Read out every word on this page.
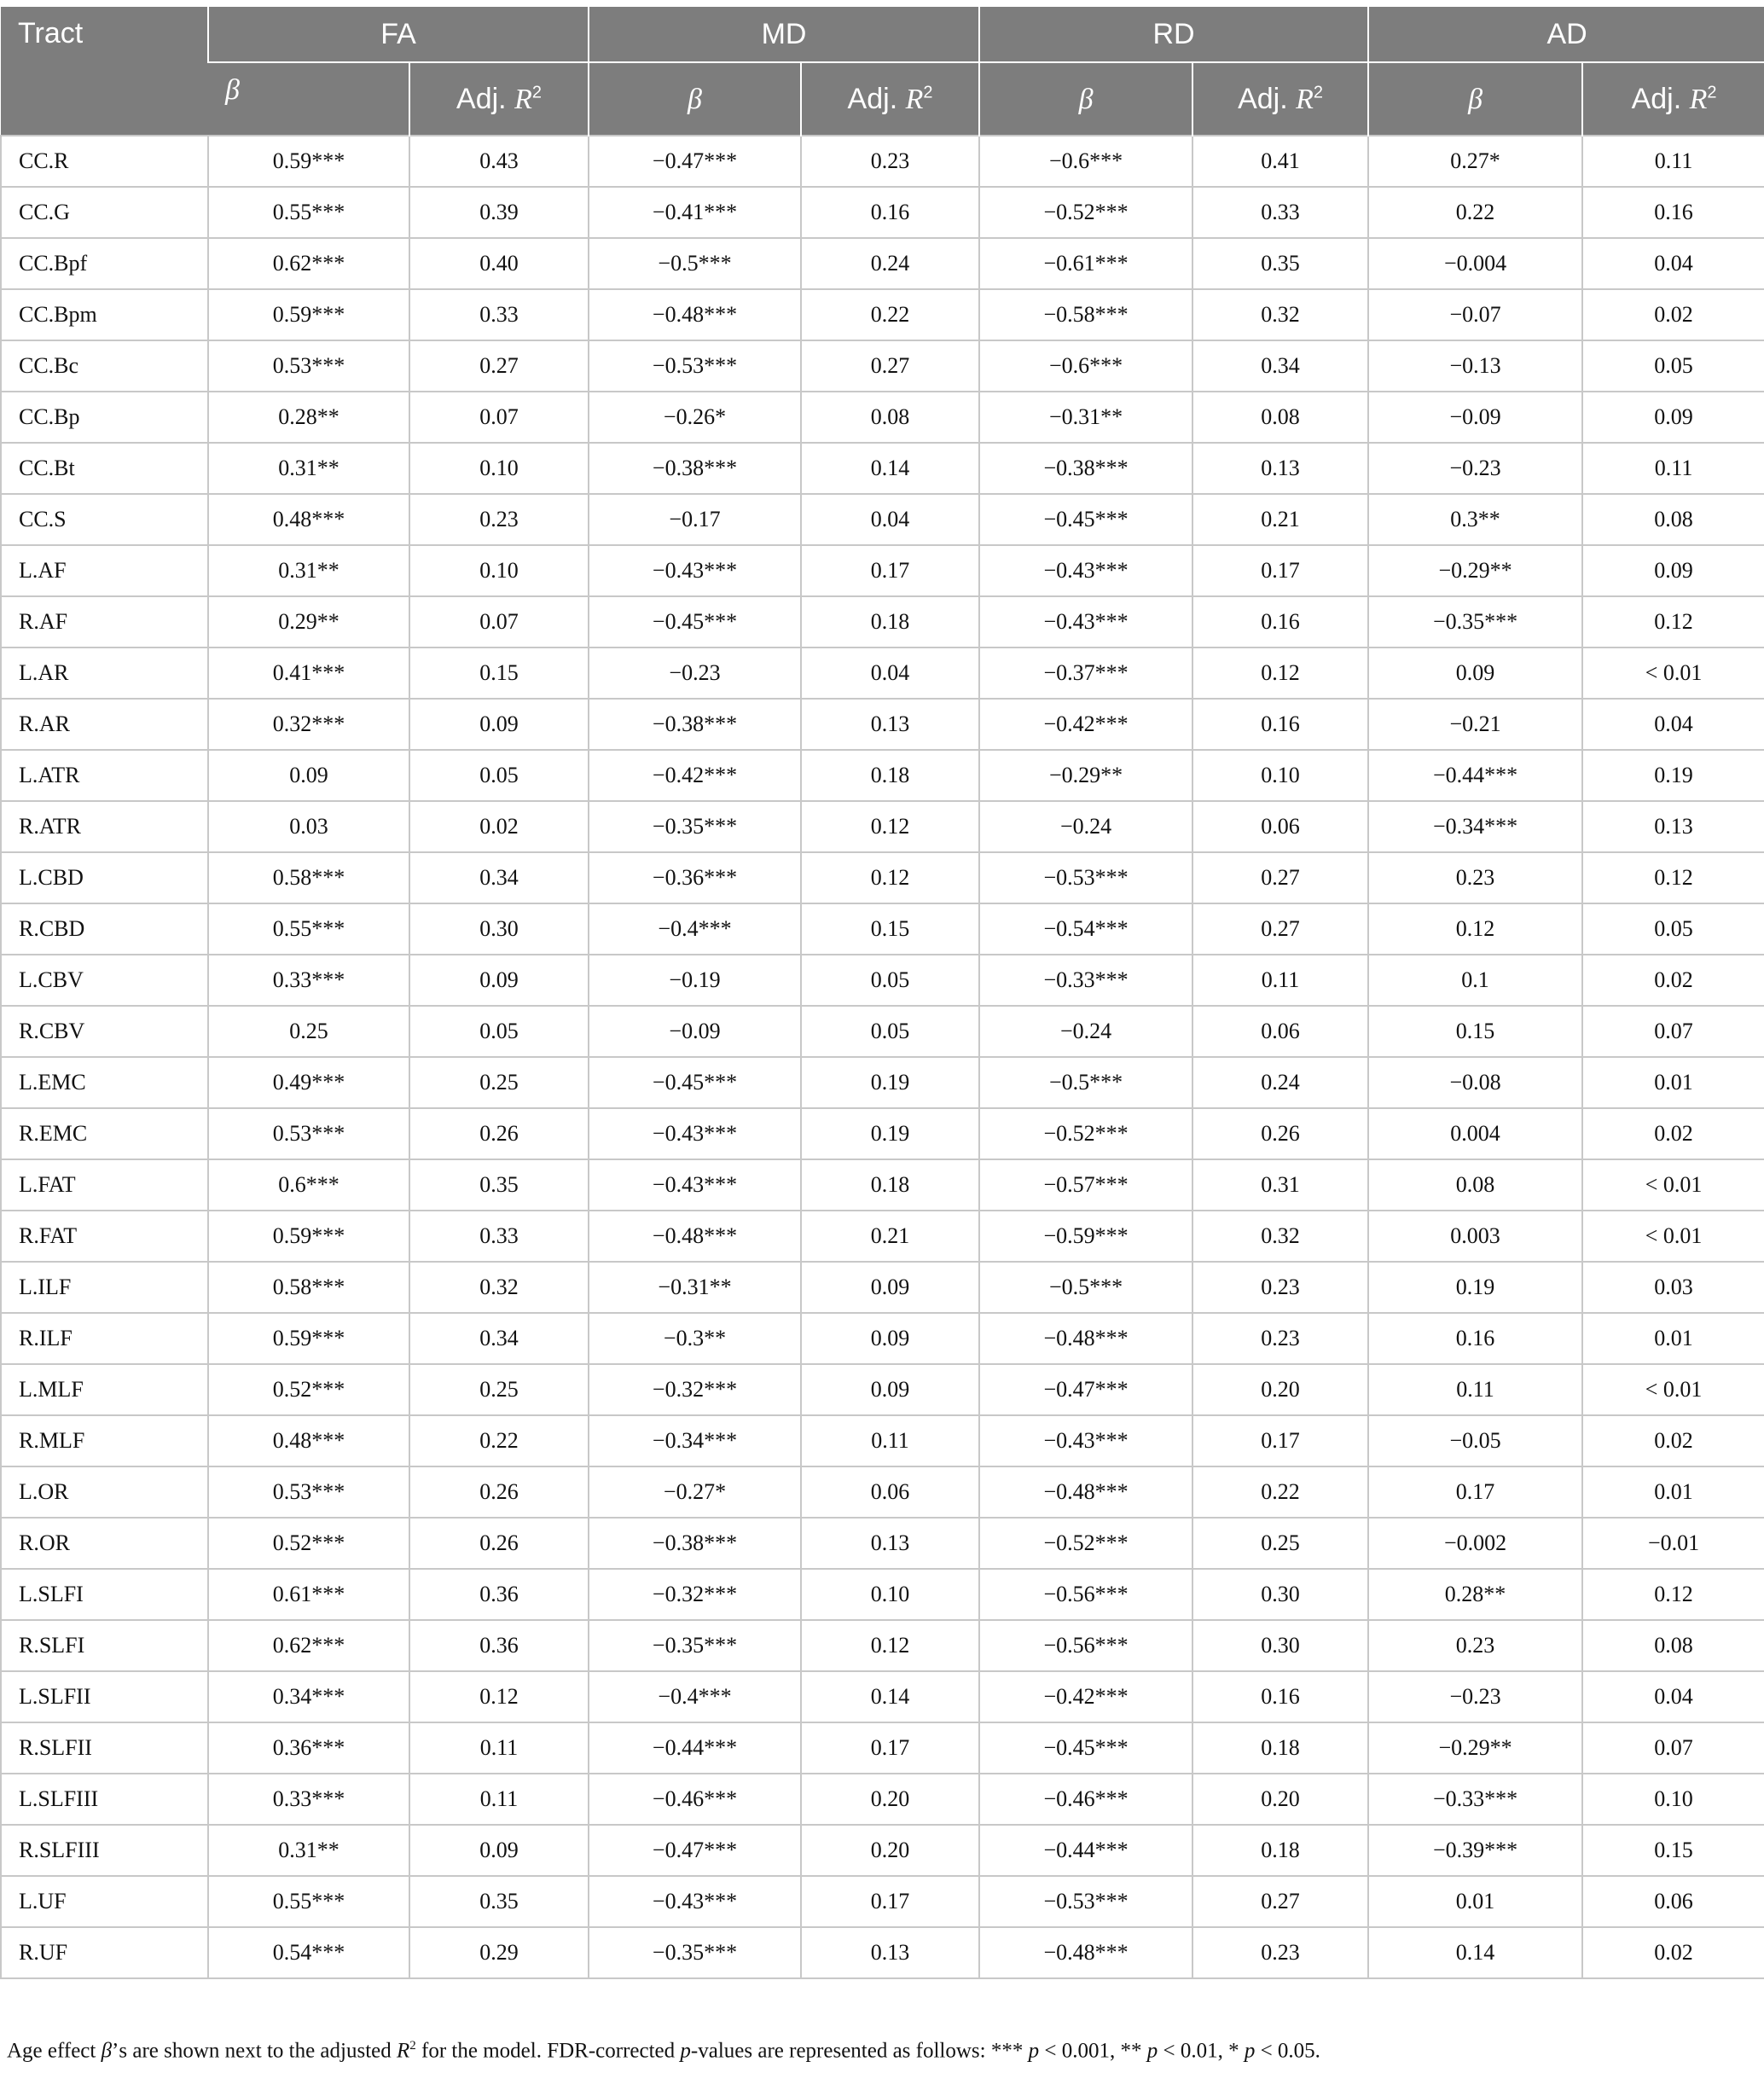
Tract	FA		MD		RD		AD	
	β	Adj. $R^2$	β	Adj. $R^2$	β	Adj. $R^2$	β	Adj. $R^2$
CC.R	0.59***	0.43	−0.47***	0.23	−0.6***	0.41	0.27*	0.11
CC.G	0.55***	0.39	−0.41***	0.16	−0.52***	0.33	0.22	0.16
CC.Bpf	0.62***	0.40	−0.5***	0.24	−0.61***	0.35	−0.004	0.04
CC.Bpm	0.59***	0.33	−0.48***	0.22	−0.58***	0.32	−0.07	0.02
CC.Bc	0.53***	0.27	−0.53***	0.27	−0.6***	0.34	−0.13	0.05
CC.Bp	0.28**	0.07	−0.26*	0.08	−0.31**	0.08	−0.09	0.09
CC.Bt	0.31**	0.10	−0.38***	0.14	−0.38***	0.13	−0.23	0.11
CC.S	0.48***	0.23	−0.17	0.04	−0.45***	0.21	0.3**	0.08
L.AF	0.31**	0.10	−0.43***	0.17	−0.43***	0.17	−0.29**	0.09
R.AF	0.29**	0.07	−0.45***	0.18	−0.43***	0.16	−0.35***	0.12
L.AR	0.41***	0.15	−0.23	0.04	−0.37***	0.12	0.09	< 0.01
R.AR	0.32***	0.09	−0.38***	0.13	−0.42***	0.16	−0.21	0.04
L.ATR	0.09	0.05	−0.42***	0.18	−0.29**	0.10	−0.44***	0.19
R.ATR	0.03	0.02	−0.35***	0.12	−0.24	0.06	−0.34***	0.13
L.CBD	0.58***	0.34	−0.36***	0.12	−0.53***	0.27	0.23	0.12
R.CBD	0.55***	0.30	−0.4***	0.15	−0.54***	0.27	0.12	0.05
L.CBV	0.33***	0.09	−0.19	0.05	−0.33***	0.11	0.1	0.02
R.CBV	0.25	0.05	−0.09	0.05	−0.24	0.06	0.15	0.07
L.EMC	0.49***	0.25	−0.45***	0.19	−0.5***	0.24	−0.08	0.01
R.EMC	0.53***	0.26	−0.43***	0.19	−0.52***	0.26	0.004	0.02
L.FAT	0.6***	0.35	−0.43***	0.18	−0.57***	0.31	0.08	< 0.01
R.FAT	0.59***	0.33	−0.48***	0.21	−0.59***	0.32	0.003	< 0.01
L.ILF	0.58***	0.32	−0.31**	0.09	−0.5***	0.23	0.19	0.03
R.ILF	0.59***	0.34	−0.3**	0.09	−0.48***	0.23	0.16	0.01
L.MLF	0.52***	0.25	−0.32***	0.09	−0.47***	0.20	0.11	< 0.01
R.MLF	0.48***	0.22	−0.34***	0.11	−0.43***	0.17	−0.05	0.02
L.OR	0.53***	0.26	−0.27*	0.06	−0.48***	0.22	0.17	0.01
R.OR	0.52***	0.26	−0.38***	0.13	−0.52***	0.25	−0.002	−0.01
L.SLFI	0.61***	0.36	−0.32***	0.10	−0.56***	0.30	0.28**	0.12
R.SLFI	0.62***	0.36	−0.35***	0.12	−0.56***	0.30	0.23	0.08
L.SLFII	0.34***	0.12	−0.4***	0.14	−0.42***	0.16	−0.23	0.04
R.SLFII	0.36***	0.11	−0.44***	0.17	−0.45***	0.18	−0.29**	0.07
L.SLFIII	0.33***	0.11	−0.46***	0.20	−0.46***	0.20	−0.33***	0.10
R.SLFIII	0.31**	0.09	−0.47***	0.20	−0.44***	0.18	−0.39***	0.15
L.UF	0.55***	0.35	−0.43***	0.17	−0.53***	0.27	0.01	0.06
R.UF	0.54***	0.29	−0.35***	0.13	−0.48***	0.23	0.14	0.02
Age effect β’s are shown next to the adjusted $R^2$ for the model. FDR-corrected p-values are represented as follows: *** p < 0.001, ** p < 0.01, * p < 0.05.
